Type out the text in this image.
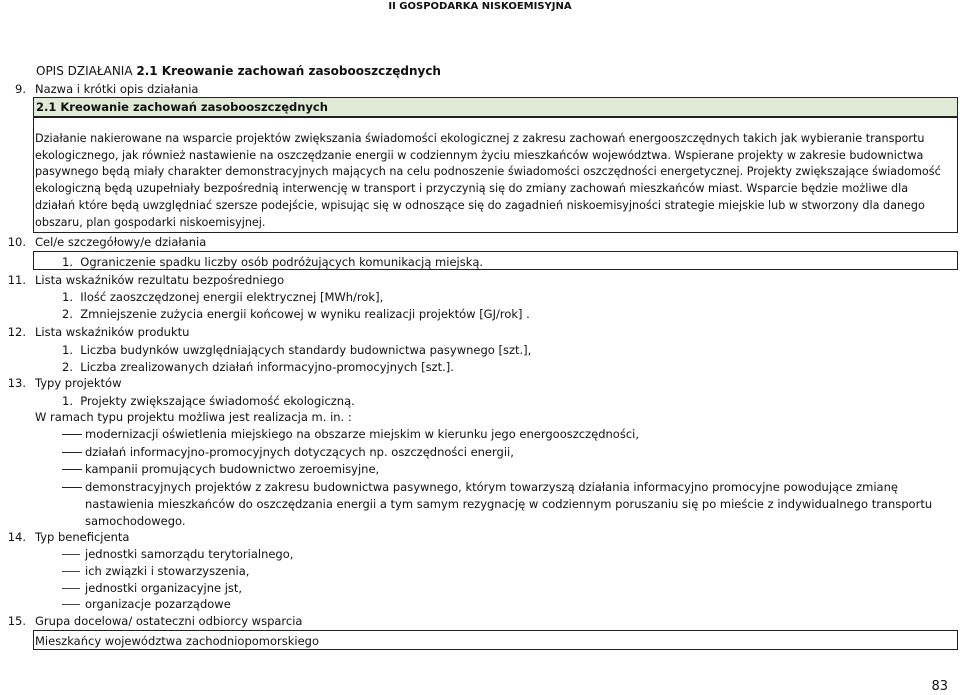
II GOSPODARKA NISKOEMISYJNA
OPIS DZIAŁANIA 2.1 Kreowanie zachowań zasobooszczędnych
9. Nazwa i krótki opis działania
2.1 Kreowanie zachowań zasobooszczędnych
Działanie nakierowane na wsparcie projektów zwiększania świadomości ekologicznej z zakresu zachowań energooszczędnych takich jak wybieranie transportu ekologicznego, jak również nastawienie na oszczędzanie energii w codziennym życiu mieszkańców województwa. Wspierane projekty w zakresie budownictwa pasywnego będą miały charakter demonstracyjnych mających na celu podnoszenie świadomości oszczędności energetycznej. Projekty zwiększające świadomość ekologiczną będą uzupełniały bezpośrednią interwencję w transport i przyczynią się do zmiany zachowań mieszkańców miast. Wsparcie będzie możliwe dla działań które będą uwzględniać szersze podejście, wpisując się w odnoszące się do zagadnień niskoemisyjności strategie miejskie lub w stworzony dla danego obszaru, plan gospodarki niskoemisyjnej.
10. Cel/e szczegółowy/e działania
1.  Ograniczenie spadku liczby osób podróżujących komunikacją miejską.
11. Lista wskaźników rezultatu bezpośredniego
1.  Ilość zaoszczędzonej energii elektrycznej [MWh/rok],
2.  Zmniejszenie zużycia energii końcowej w wyniku realizacji projektów [GJ/rok] .
12. Lista wskaźników produktu
1.  Liczba budynków uwzględniających standardy budownictwa pasywnego [szt.],
2.  Liczba zrealizowanych działań informacyjno-promocyjnych [szt.].
13. Typy projektów
1.  Projekty zwiększające świadomość ekologiczną.
W ramach typu projektu możliwa jest realizacja m. in. :
modernizacji oświetlenia miejskiego na obszarze miejskim w kierunku jego energooszczędności,
działań informacyjno-promocyjnych dotyczących np. oszczędności energii,
kampanii promujących budownictwo zeroemisyjne,
demonstracyjnych projektów z zakresu budownictwa pasywnego, którym towarzyszą działania informacyjno promocyjne powodujące zmianę
nastawienia mieszkańców do oszczędzania energii a tym samym rezygnację w codziennym poruszaniu się po mieście z indywidualnego transportu
samochodowego.
14. Typ beneficjenta
jednostki samorządu terytorialnego,
ich związki i stowarzyszenia,
jednostki organizacyjne jst,
organizacje pozarządowe
15. Grupa docelowa/ ostateczni odbiorcy wsparcia
Mieszkańcy województwa zachodniopomorskiego
83
